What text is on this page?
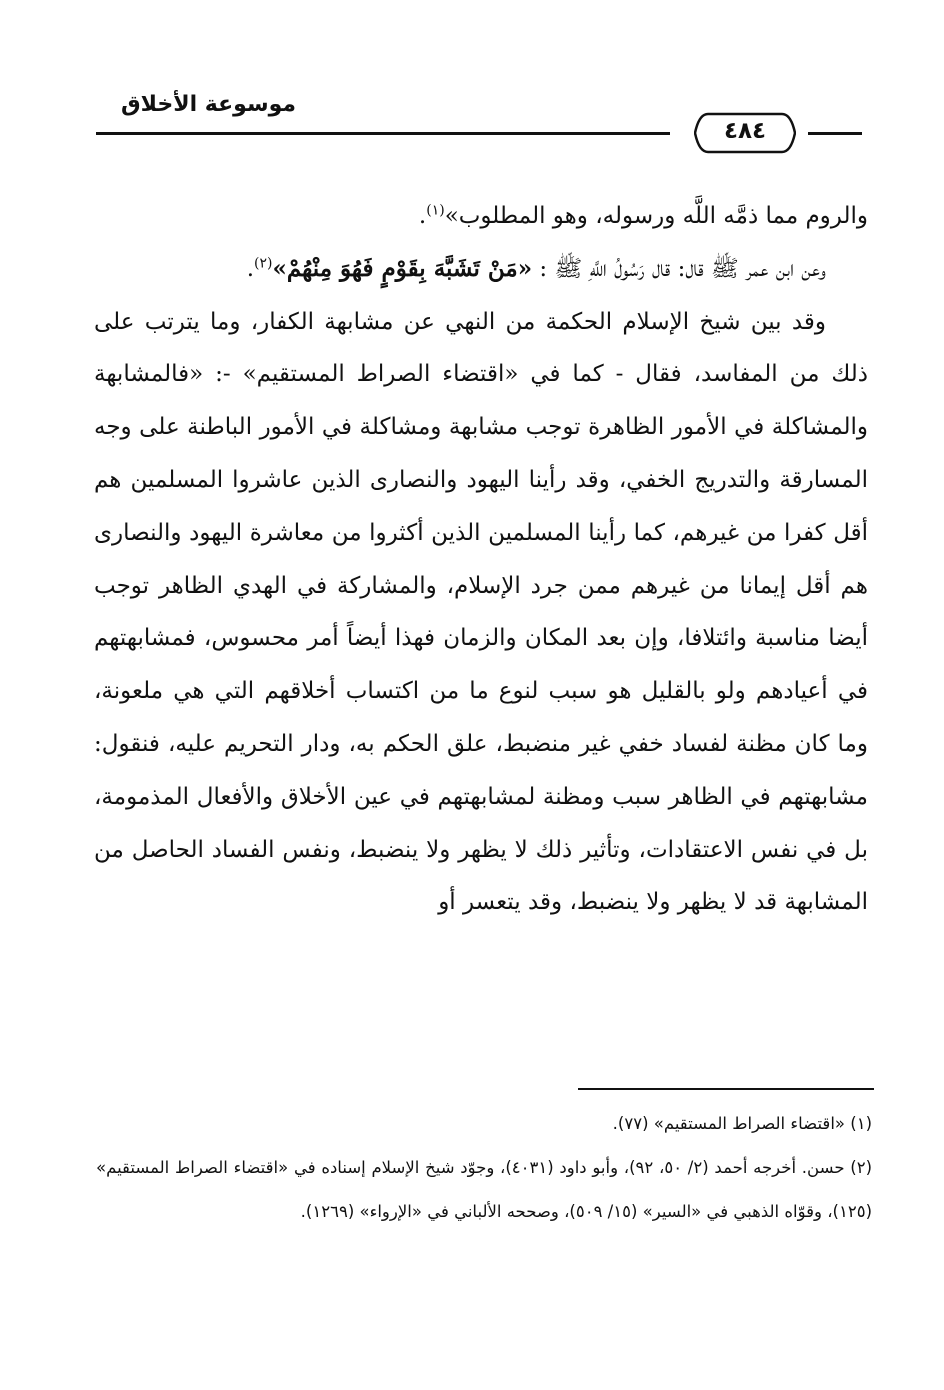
موسوعة الأخلاق
٤٨٤

والروم مما ذمَّه اللَّه ورسوله، وهو المطلوب»$^{(١)}$.

وعن ابن عمر ﷺ قال: قال رَسُولُ اللَّهِ ﷺ : «مَنْ تَشَبَّهَ بِقَوْمٍ فَهُوَ مِنْهُمْ»$^{(٢)}$.

وقد بين شيخ الإسلام الحكمة من النهي عن مشابهة الكفار، وما يترتب على ذلك من المفاسد، فقال - كما في «اقتضاء الصراط المستقيم» -: «فالمشابهة والمشاكلة في الأمور الظاهرة توجب مشابهة ومشاكلة في الأمور الباطنة على وجه المسارقة والتدريج الخفي، وقد رأينا اليهود والنصارى الذين عاشروا المسلمين هم أقل كفرا من غيرهم، كما رأينا المسلمين الذين أكثروا من معاشرة اليهود والنصارى هم أقل إيمانا من غيرهم ممن جرد الإسلام، والمشاركة في الهدي الظاهر توجب أيضا مناسبة وائتلافا، وإن بعد المكان والزمان فهذا أيضاً أمر محسوس، فمشابهتهم في أعيادهم ولو بالقليل هو سبب لنوع ما من اكتساب أخلاقهم التي هي ملعونة، وما كان مظنة لفساد خفي غير منضبط، علق الحكم به، ودار التحريم عليه، فنقول: مشابهتهم في الظاهر سبب ومظنة لمشابهتهم في عين الأخلاق والأفعال المذمومة، بل في نفس الاعتقادات، وتأثير ذلك لا يظهر ولا ينضبط، ونفس الفساد الحاصل من المشابهة قد لا يظهر ولا ينضبط، وقد يتعسر أو

(١) «اقتضاء الصراط المستقيم» (٧٧).

(٢) حسن. أخرجه أحمد (٢/ ٥٠، ٩٢)، وأبو داود (٤٠٣١)، وجوّد شيخ الإسلام إسناده في «اقتضاء الصراط المستقيم» (١٢٥)، وقوّاه الذهبي في «السير» (١٥/ ٥٠٩)، وصححه الألباني في «الإرواء» (١٢٦٩).
